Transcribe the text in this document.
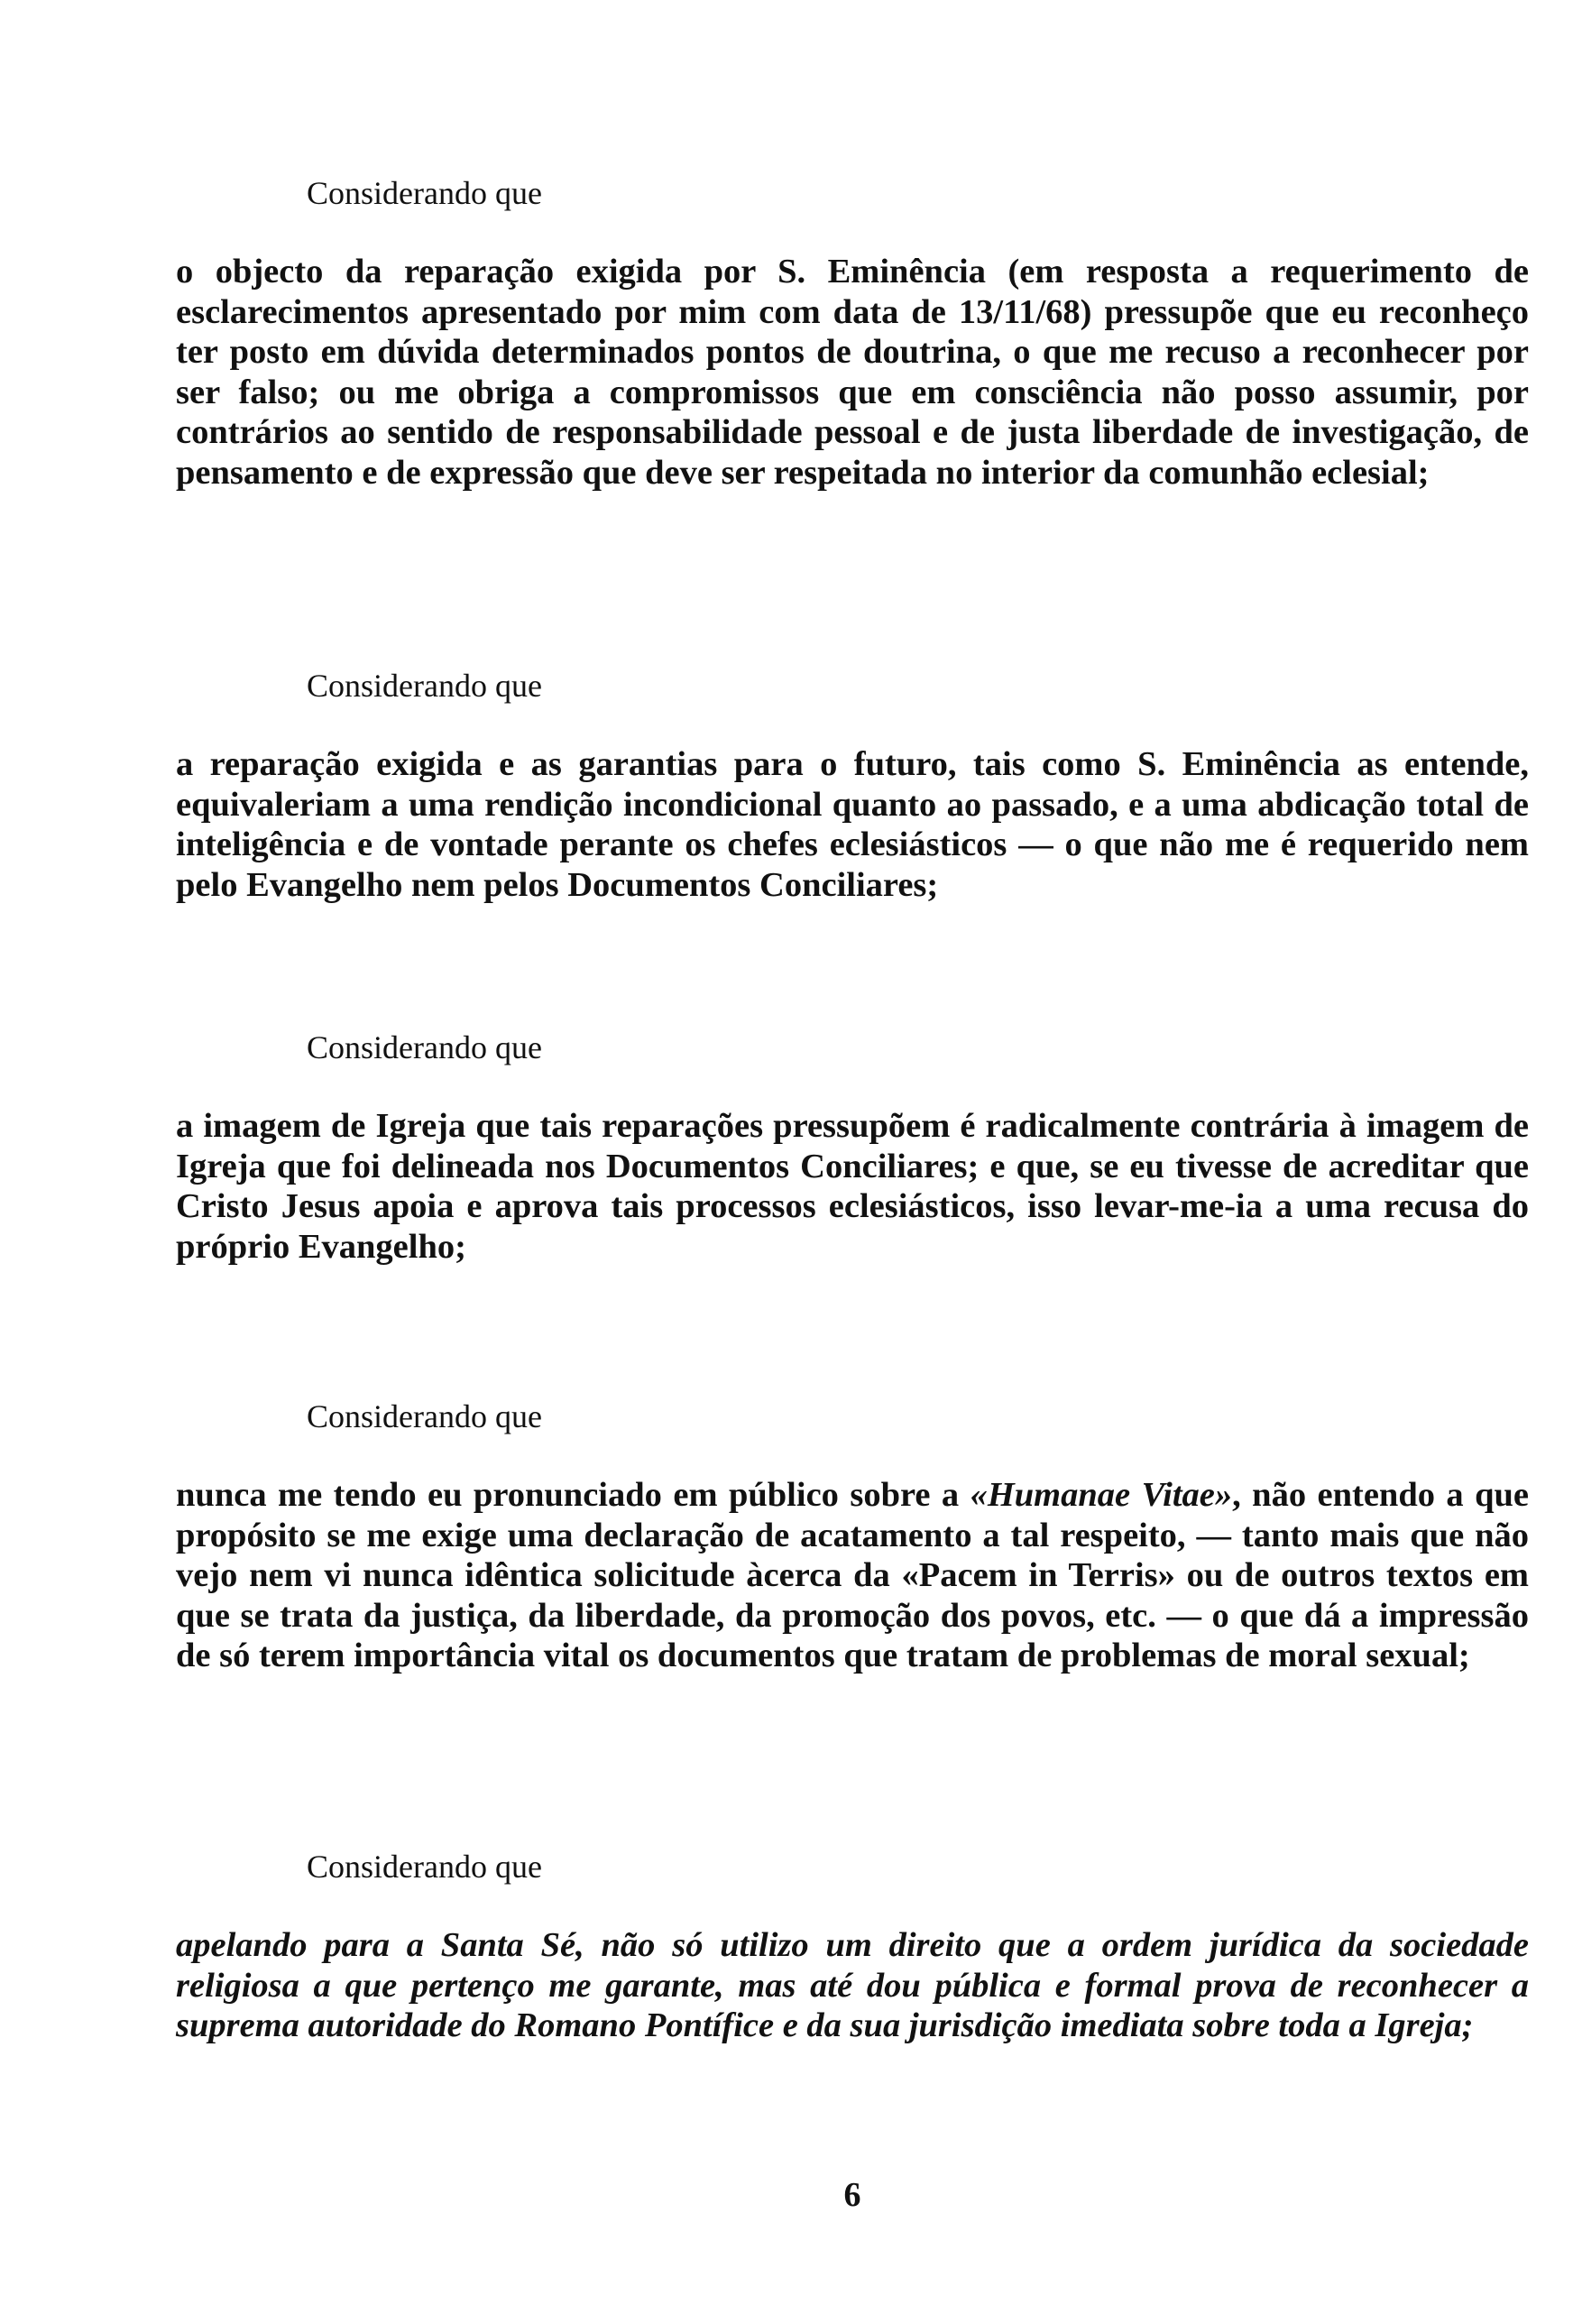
Considerando que

o objecto da reparação exigida por S. Eminência (em resposta a requerimento de esclarecimentos apresentado por mim com data de 13/11/68) pressupõe que eu reconheço ter posto em dúvida determinados pontos de doutrina, o que me recuso a reconhecer por ser falso; ou me obriga a compromissos que em consciência não posso assumir, por contrários ao sentido de responsabilidade pessoal e de justa liberdade de investigação, de pensamento e de expressão que deve ser respeitada no interior da comunhão eclesial;

Considerando que

a reparação exigida e as garantias para o futuro, tais como S. Eminência as entende, equivaleriam a uma rendição incondicional quanto ao passado, e a uma abdicação total de inteligência e de vontade perante os chefes eclesiásticos — o que não me é requerido nem pelo Evangelho nem pelos Documentos Conciliares;

Considerando que

a imagem de Igreja que tais reparações pressupõem é radicalmente contrária à imagem de Igreja que foi delineada nos Documentos Conciliares; e que, se eu tivesse de acreditar que Cristo Jesus apoia e aprova tais processos eclesiásticos, isso levar-me-ia a uma recusa do próprio Evangelho;

Considerando que

nunca me tendo eu pronunciado em público sobre a «Humanae Vitae», não entendo a que propósito se me exige uma declaração de acatamento a tal respeito, — tanto mais que não vejo nem vi nunca idêntica solicitude àcerca da «Pacem in Terris» ou de outros textos em que se trata da justiça, da liberdade, da promoção dos povos, etc. — o que dá a impressão de só terem importância vital os documentos que tratam de problemas de moral sexual;

Considerando que

apelando para a Santa Sé, não só utilizo um direito que a ordem jurídica da sociedade religiosa a que pertenço me garante, mas até dou pública e formal prova de reconhecer a suprema autoridade do Romano Pontífice e da sua jurisdição imediata sobre toda a Igreja;

6
